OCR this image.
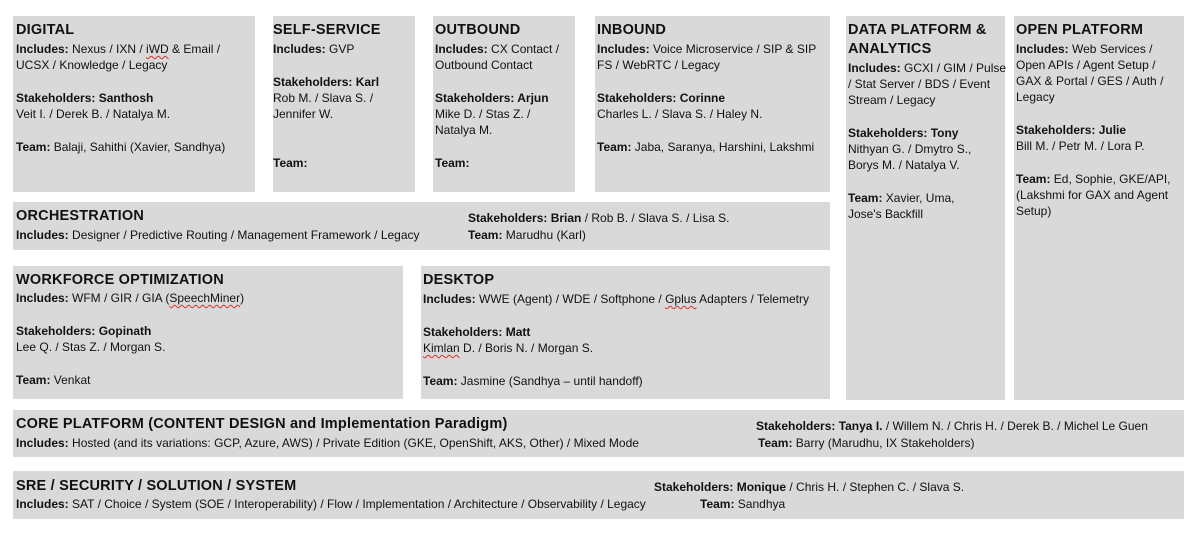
DIGITAL
Includes: Nexus / IXN / iWD & Email /
UCSX / Knowledge / Legacy
Stakeholders: Santhosh
Veit I. / Derek B. / Natalya M.
Team: Balaji, Sahithi (Xavier, Sandhya)
SELF-SERVICE
Includes: GVP
Stakeholders: Karl
Rob M. / Slava S. /
Jennifer W.
Team:
OUTBOUND
Includes: CX Contact /
Outbound Contact
Stakeholders: Arjun
Mike D. / Stas Z. /
Natalya M.
Team:
INBOUND
Includes: Voice Microservice / SIP & SIP
FS / WebRTC / Legacy
Stakeholders: Corinne
Charles L. / Slava S. / Haley N.
Team: Jaba, Saranya, Harshini, Lakshmi
DATA PLATFORM &
ANALYTICS
Includes: GCXI / GIM / Pulse
/ Stat Server / BDS / Event
Stream / Legacy
Stakeholders: Tony
Nithyan G. / Dmytro S.,
Borys M. / Natalya V.
Team: Xavier, Uma,
Jose's Backfill
OPEN PLATFORM
Includes: Web Services /
Open APIs / Agent Setup /
GAX & Portal / GES / Auth /
Legacy
Stakeholders: Julie
Bill M. / Petr M. / Lora P.
Team: Ed, Sophie, GKE/API,
(Lakshmi for GAX and Agent
Setup)
ORCHESTRATION
Includes: Designer / Predictive Routing / Management Framework / Legacy
Stakeholders: Brian / Rob B. / Slava S. / Lisa S.
Team: Marudhu (Karl)
WORKFORCE OPTIMIZATION
Includes: WFM / GIR / GIA (SpeechMiner)
Stakeholders: Gopinath
Lee Q. / Stas Z. / Morgan S.
Team: Venkat
DESKTOP
Includes: WWE (Agent) / WDE / Softphone / Gplus Adapters / Telemetry
Stakeholders: Matt
Kimlan D. / Boris N. / Morgan S.
Team: Jasmine (Sandhya – until handoff)
CORE PLATFORM (CONTENT DESIGN and Implementation Paradigm)
Includes: Hosted (and its variations: GCP, Azure, AWS) / Private Edition (GKE, OpenShift, AKS, Other) / Mixed Mode
Stakeholders: Tanya I. / Willem N. / Chris H. / Derek B. / Michel Le Guen
Team: Barry (Marudhu, IX Stakeholders)
SRE / SECURITY / SOLUTION / SYSTEM
Includes: SAT / Choice / System (SOE / Interoperability) / Flow / Implementation / Architecture / Observability / Legacy
Stakeholders: Monique / Chris H. / Stephen C. / Slava S.
Team: Sandhya
